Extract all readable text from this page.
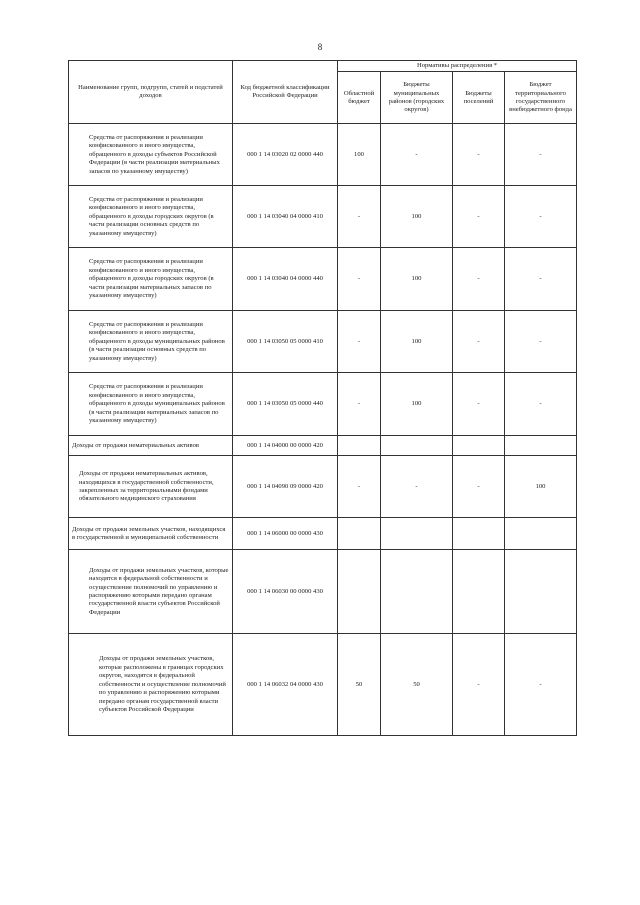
8
Наименование групп, подгрупп, статей и подстатей доходов	Код бюджетной классификации Российской Федерации	Нормативы распределения *			
		Областной бюджет	Бюджеты муниципальных районов (городских округов)	Бюджеты поселений	Бюджет территориального государственного внебюджетного фонда
Средства от распоряжения и реализации конфискованного и иного имущества, обращенного в доходы субъектов Российской Федерации (в части реализации материальных запасов по указанному имуществу)	000 1 14 03020 02 0000 440	100	-	-	-
Средства от распоряжения и реализации конфискованного и иного имущества, обращенного в доходы городских округов (в части реализации основных средств по указанному имуществу)	000 1 14 03040 04 0000 410	-	100	-	-
Средства от распоряжения и реализации конфискованного и иного имущества, обращенного в доходы городских округов (в части реализации материальных запасов по указанному имуществу)	000 1 14 03040 04 0000 440	-	100	-	-
Средства от распоряжения и реализации конфискованного и иного имущества, обращенного в доходы муниципальных районов (в части реализации основных средств по указанному имуществу)	000 1 14 03050 05 0000 410	-	100	-	-
Средства от распоряжения и реализации конфискованного и иного имущества, обращенного в доходы муниципальных районов (в части реализации материальных запасов по указанному имуществу)	000 1 14 03050 05 0000 440	-	100	-	-
Доходы от продажи нематериальных активов	000 1 14 04000 00 0000 420				
Доходы от продажи нематериальных активов, находящихся в государственной собственности, закрепленных за территориальными фондами обязательного медицинского страхования	000 1 14 04090 09 0000 420	-	-	-	100
Доходы от продажи земельных участков, находящихся в государственной и муниципальной собственности	000 1 14 06000 00 0000 430				
Доходы от продажи земельных участков, которые находятся в федеральной собственности и осуществление полномочий по управлению и распоряжению которыми передано органам государственной власти субъектов Российской Федерации	000 1 14 06030 00 0000 430				
Доходы от продажи земельных участков, которые расположены в границах городских округов, находятся в федеральной собственности и осуществление полномочий по управлению и распоряжению которыми передано органам государственной власти субъектов Российской Федерации	000 1 14 06032 04 0000 430	50	50	-	-
